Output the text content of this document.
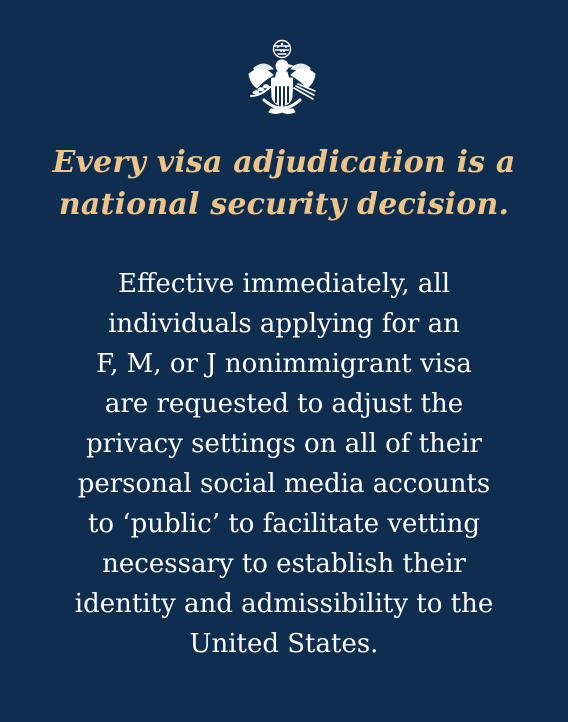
Every visa adjudication is a
national security decision.

Effective immediately, all
individuals applying for an
F, M, or J nonimmigrant visa
are requested to adjust the
privacy settings on all of their
personal social media accounts
to ‘public’ to facilitate vetting
necessary to establish their
identity and admissibility to the
United States.
